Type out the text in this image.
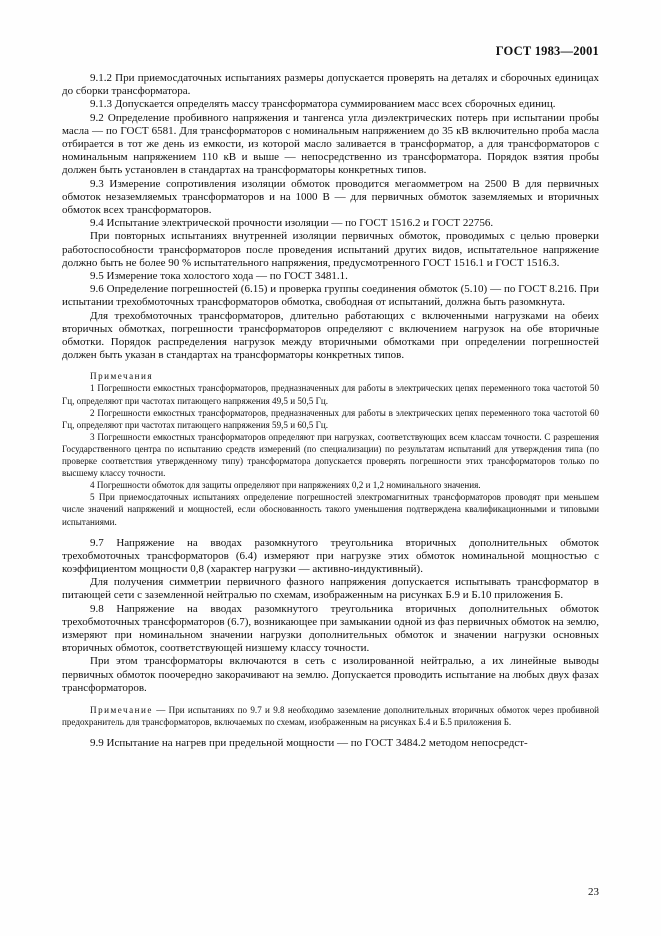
ГОСТ 1983—2001

9.1.2 При приемосдаточных испытаниях размеры допускается проверять на деталях и сборочных единицах до сборки трансформатора.

9.1.3 Допускается определять массу трансформатора суммированием масс всех сборочных единиц.

9.2 Определение пробивного напряжения и тангенса угла диэлектрических потерь при испытании пробы масла — по ГОСТ 6581. Для трансформаторов с номинальным напряжением до 35 кВ включительно проба масла отбирается в тот же день из емкости, из которой масло заливается в трансформатор, а для трансформаторов с номинальным напряжением 110 кВ и выше — непосредственно из трансформатора. Порядок взятия пробы должен быть установлен в стандартах на трансформаторы конкретных типов.

9.3 Измерение сопротивления изоляции обмоток проводится мегаомметром на 2500 В для первичных обмоток незаземляемых трансформаторов и на 1000 В — для первичных обмоток заземляемых и вторичных обмоток всех трансформаторов.

9.4 Испытание электрической прочности изоляции — по ГОСТ 1516.2 и ГОСТ 22756.

При повторных испытаниях внутренней изоляции первичных обмоток, проводимых с целью проверки работоспособности трансформаторов после проведения испытаний других видов, испытательное напряжение должно быть не более 90 % испытательного напряжения, предусмотренного ГОСТ 1516.1 и ГОСТ 1516.3.

9.5 Измерение тока холостого хода — по ГОСТ 3481.1.

9.6 Определение погрешностей (6.15) и проверка группы соединения обмоток (5.10) — по ГОСТ 8.216. При испытании трехобмоточных трансформаторов обмотка, свободная от испытаний, должна быть разомкнута.

Для трехобмоточных трансформаторов, длительно работающих с включенными нагрузками на обеих вторичных обмотках, погрешности трансформаторов определяют с включением нагрузок на обе вторичные обмотки. Порядок распределения нагрузок между вторичными обмотками при определении погрешностей должен быть указан в стандартах на трансформаторы конкретных типов.

Примечания

1 Погрешности емкостных трансформаторов, предназначенных для работы в электрических цепях переменного тока частотой 50 Гц, определяют при частотах питающего напряжения 49,5 и 50,5 Гц.

2 Погрешности емкостных трансформаторов, предназначенных для работы в электрических цепях переменного тока частотой 60 Гц, определяют при частотах питающего напряжения 59,5 и 60,5 Гц.

3 Погрешности емкостных трансформаторов определяют при нагрузках, соответствующих всем классам точности. С разрешения Государственного центра по испытанию средств измерений (по специализации) по результатам испытаний для утверждения типа (по проверке соответствия утвержденному типу) трансформатора допускается проверять погрешности этих трансформаторов только по высшему классу точности.

4 Погрешности обмоток для защиты определяют при напряжениях 0,2 и 1,2 номинального значения.

5 При приемосдаточных испытаниях определение погрешностей электромагнитных трансформаторов проводят при меньшем числе значений напряжений и мощностей, если обоснованность такого уменьшения подтверждена квалификационными и типовыми испытаниями.

9.7 Напряжение на вводах разомкнутого треугольника вторичных дополнительных обмоток трехобмоточных трансформаторов (6.4) измеряют при нагрузке этих обмоток номинальной мощностью с коэффициентом мощности 0,8 (характер нагрузки — активно-индуктивный).

Для получения симметрии первичного фазного напряжения допускается испытывать трансформатор в питающей сети с заземленной нейтралью по схемам, изображенным на рисунках Б.9 и Б.10 приложения Б.

9.8 Напряжение на вводах разомкнутого треугольника вторичных дополнительных обмоток трехобмоточных трансформаторов (6.7), возникающее при замыкании одной из фаз первичных обмоток на землю, измеряют при номинальном значении нагрузки дополнительных обмоток и значении нагрузки основных вторичных обмоток, соответствующей низшему классу точности.

При этом трансформаторы включаются в сеть с изолированной нейтралью, а их линейные выводы первичных обмоток поочередно закорачивают на землю. Допускается проводить испытание на любых двух фазах трансформаторов.

Примечание — При испытаниях по 9.7 и 9.8 необходимо заземление дополнительных вторичных обмоток через пробивной предохранитель для трансформаторов, включаемых по схемам, изображенным на рисунках Б.4 и Б.5 приложения Б.

9.9 Испытание на нагрев при предельной мощности — по ГОСТ 3484.2 методом непосредст-

23
